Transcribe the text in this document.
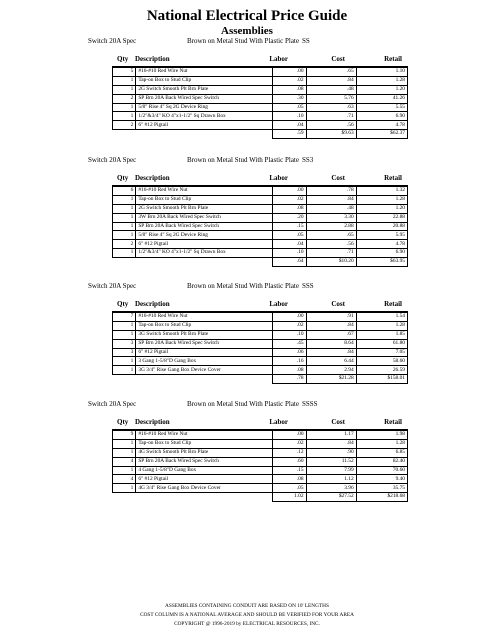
National Electrical Price Guide
Assemblies
Switch 20A Spec	Brown on Metal Stud With Plastic Plate SS
Qty Description	Labor	Cost	Retail
5	#16-#10 Red Wire Nut	.00	.65	1.10
1	Tap-on Box to Stud Clip	.02	.84	1.28
1	2G Switch Smooth Plt Brn Plate	.08	.48	1.20
2	SP Brn 20A Back Wired Spec Switch	.30	5.76	41.26
1	5/8" Rise 4" Sq 2G Device Ring	.05	.63	5.55
1	1/2"&3/4" KO 4"x1-1/2" Sq Drawn Box	.10	.71	6.90
2	6" #12 Pigtail	.04	.56	4.78
		.59	$9.63	$62.37
Switch 20A Spec	Brown on Metal Stud With Plastic Plate SS3
Qty Description	Labor	Cost	Retail
6	#16-#10 Red Wire Nut	.00	.78	1.32
1	Tap-on Box to Stud Clip	.02	.84	1.28
1	2G Switch Smooth Plt Brn Plate	.08	.48	1.20
1	3W Brn 20A Back Wired Spec Switch	.20	3.30	22.88
1	SP Brn 20A Back Wired Spec Switch	.15	2.88	20.88
1	5/8" Rise 4" Sq 2G Device Ring	.05	.65	5.95
2	6" #12 Pigtail	.04	.56	4.78
1	1/2"&3/4" KO 4"x1-1/2" Sq Drawn Box	.10	.71	6.90
		.64	$10.20	$63.95
Switch 20A Spec	Brown on Metal Stud With Plastic Plate SSS
Qty Description	Labor	Cost	Retail
7	#16-#10 Red Wire Nut	.00	.91	1.54
1	Tap-on Box to Stud Clip	.02	.84	1.28
1	3G Switch Smooth Plt Brn Plate	.10	.67	1.85
3	SP Brn 20A Back Wired Spec Switch	.45	8.64	61.80
3	6" #12 Pigtail	.06	.84	7.05
1	3 Gang 1-5/8"D Gang Box	.16	6.44	58.60
1	3G 3/4" Rise Gang Box Device Cover	.08	2.94	26.59
		.78	$21.28	$158.01
Switch 20A Spec	Brown on Metal Stud With Plastic Plate SSSS
Qty Description	Labor	Cost	Retail
9	#16-#10 Red Wire Nut	.00	1.17	1.98
1	Tap-on Box to Stud Clip	.02	.84	1.28
1	4G Switch Smooth Plt Brn Plate	.12	.90	6.85
4	SP Brn 20A Back Wired Spec Switch	.60	11.52	82.40
1	4 Gang 1-5/8"D Gang Box	.15	7.99	70.60
4	6" #12 Pigtail	.08	1.12	9.40
1	4G 3/4" Rise Gang Box Device Cover	.05	3.96	35.75
		1.02	$27.52	$218.68
ASSEMBLIES CONTAINING CONDUIT ARE BASED ON 10' LENGTHS
COST COLUMN IS A NATIONAL AVERAGE AND SHOULD BE VERIFIED FOR YOUR AREA
COPYRIGHT @ 1996-2019 by ELECTRICAL RESOURCES, INC.
